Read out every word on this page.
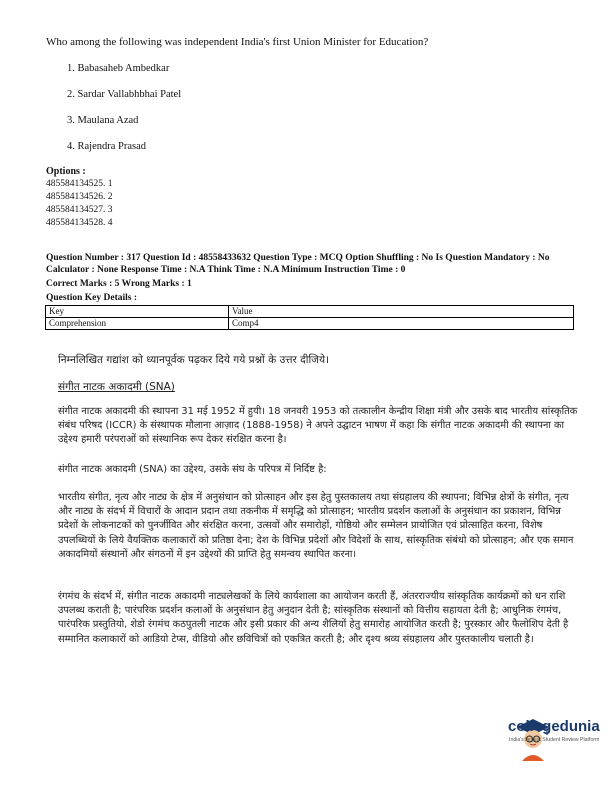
Who among the following was independent India's first Union Minister for Education?
1. Babasaheb Ambedkar
2. Sardar Vallabhbhai Patel
3. Maulana Azad
4. Rajendra Prasad
Options :
485584134525. 1
485584134526. 2
485584134527. 3
485584134528. 4
Question Number : 317 Question Id : 48558433632 Question Type : MCQ Option Shuffling : No Is Question Mandatory : No Calculator : None Response Time : N.A Think Time : N.A Minimum Instruction Time : 0
Correct Marks : 5 Wrong Marks : 1
Question Key Details :
Key	Value
Comprehension	Comp4
निम्नलिखित गद्यांश को ध्यानपूर्वक पढ़कर दिये गये प्रश्नों के उत्तर दीजिये।
संगीत नाटक अकादमी (SNA)
संगीत नाटक अकादमी की स्थापना 31 मई 1952 में हुयी। 18 जनवरी 1953 को तत्कालीन केन्द्रीय शिक्षा मंत्री और उसके बाद भारतीय सांस्कृतिक संबंध परिषद (ICCR) के संस्थापक मौलाना आज़ाद (1888-1958) ने अपने उद्घाटन भाषण में कहा कि संगीत नाटक अकादमी की स्थापना का उद्देश्य हमारी परंपराओं को संस्थानिक रूप देकर संरक्षित करना है।
संगीत नाटक अकादमी (SNA) का उद्देश्य, उसके संघ के परिपत्र में निर्दिष्ट है:
भारतीय संगीत, नृत्य और नाट्य के क्षेत्र में अनुसंधान को प्रोत्साहन और इस हेतु पुस्तकालय तथा संग्रहालय की स्थापना; विभिन्न क्षेत्रों के संगीत, नृत्य और नाट्य के संदर्भ में विचारों के आदान प्रदान तथा तकनीक में समृद्धि को प्रोत्साहन; भारतीय प्रदर्शन कलाओं के अनुसंधान का प्रकाशन, विभिन्न प्रदेशों के लोकनाटकों को पुनर्जीवित और संरक्षित करना, उत्सवों और समारोहों, गोष्ठियो और सम्मेलन प्रायोजित एवं प्रोत्साहित करना, विशेष उपलब्धियों के लिये वैयक्तिक कलाकारों को प्रतिष्ठा देना; देश के विभिन्न प्रदेशों और विदेशों के साथ, सांस्कृतिक संबंधो को प्रोत्साहन; और एक समान अकादमियों संस्थानों और संगठनों में इन उद्देश्यों की प्राप्ति हेतु समन्वय स्थापित करना।
रंगमंच के संदर्भ में, संगीत नाटक अकादमी नाट्यलेखकों के लिये कार्यशाला का आयोजन करती हैं, अंतरराज्यीय सांस्कृतिक कार्यक्रमों को धन राशि उपलब्ध कराती है; पारंपरिक प्रदर्शन कलाओं के अनुसंधान हेतु अनुदान देती है; सांस्कृतिक संस्थानों को वित्तीय सहायता देती है; आधुनिक रंगमंच, पारंपरिक प्रस्तुतियो, शेडो रंगमंच कठपुतली नाटक और इसी प्रकार की अन्य शैलियों हेतु समारोह आयोजित करती है; पुरस्कार और फैलोशिप देती है सम्मानित कलाकारों को आडियो टेप्स, वीडियो और छविचित्रों को एकत्रित करती है; और दृश्य श्रव्य संग्रहालय और पुस्तकालीय चलाती है।
collegedunia
India's largest Student Review Platform
